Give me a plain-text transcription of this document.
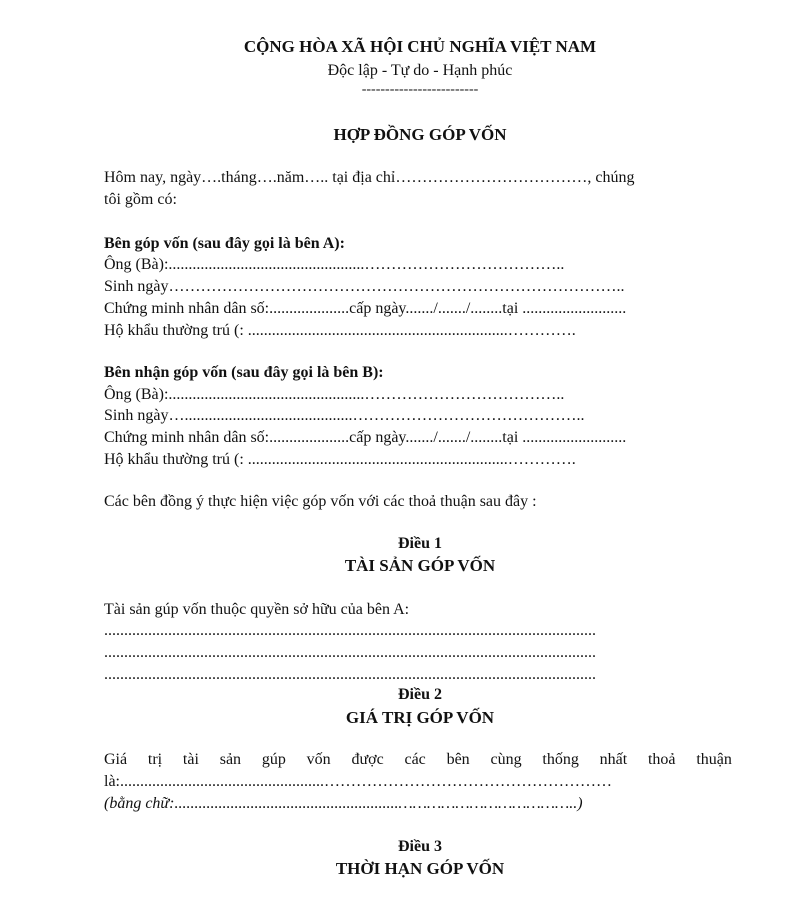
CỘNG HÒA XÃ HỘI CHỦ NGHĨA VIỆT NAM
Độc lập - Tự do - Hạnh phúc
-------------------------
HỢP ĐỒNG GÓP VỐN
Hôm nay, ngày….tháng….năm….. tại địa chỉ………………………………, chúng
tôi gồm có:
Bên góp vốn (sau đây gọi là bên A):
Ông (Bà):.................................................………………………………..
Sinh ngày…………………………………………………………………………..
Chứng minh nhân dân số:....................cấp ngày......./......./........tại ..........................
Hộ khẩu thường trú (: .................................................................………….
Bên nhận góp vốn (sau đây gọi là bên B):
Ông (Bà):.................................................………………………………..
Sinh ngày…..........................................……………………………………..
Chứng minh nhân dân số:....................cấp ngày......./......./........tại ..........................
Hộ khẩu thường trú (: .................................................................………….
Các bên đồng ý thực hiện việc góp vốn với các thoả thuận sau đây :
Điều 1
TÀI SẢN GÓP VỐN
Tài sản gúp vốn thuộc quyền sở hữu của bên A:
...........................................................................................................................
...........................................................................................................................
...........................................................................................................................
Điều 2
GIÁ TRỊ GÓP VỐN
Giá trị tài sản gúp vốn được các bên cùng thống nhất thoả thuận
là:...................................................………………………………………………
(bằng chữ:........................................................………………………………..)
Điều 3
THỜI HẠN GÓP VỐN
